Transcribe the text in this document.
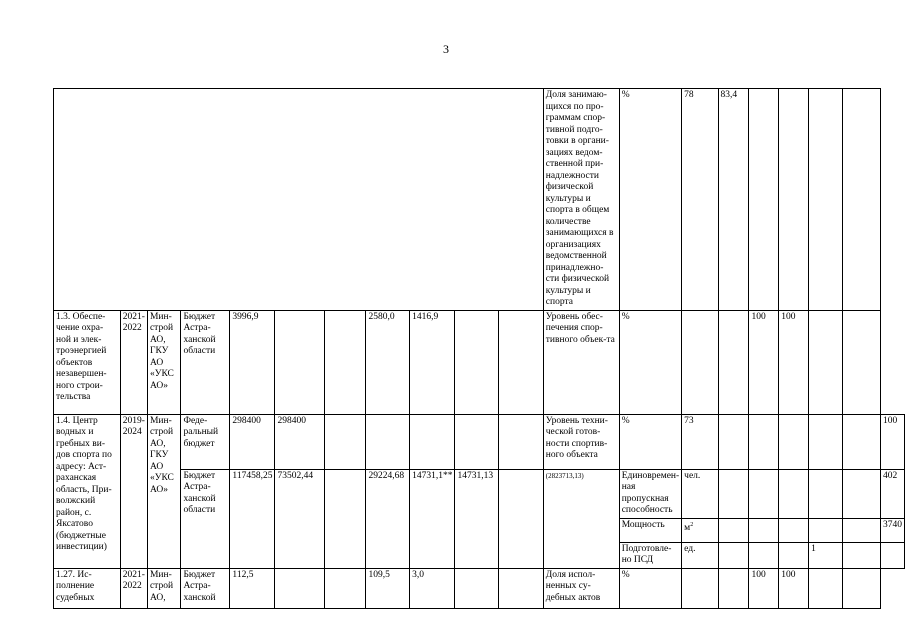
3
											Доля занимаю-щихся по про-граммам спор-тивной подго-товки в органи-зациях ведом-ственной при-надлежности физической культуры и спорта в общем количестве занимающихся в организациях ведомственной принадлежно-сти физической культуры и спорта	%	78	83,4					
1.3. Обеспе-чение охра-ной и элек-троэнергией объектов незавершен-ного строи-тельства	2021-2022	Мин-строй АО, ГКУ АО «УКС АО»	Бюджет Астра-ханской области	3996,9			2580,0	1416,9			Уровень обес-печения спор-тивного объек-та	%			100	100			
1.4. Центр водных и гребных ви-дов спорта по адресу: Аст-раханская область, При-волжский район, с. Яксатово (бюджетные инвестиции)	2019-2024	Мин-строй АО, ГКУ АО «УКС АО»	Феде-ральный бюджет	298400	298400						Уровень техни-ческой готов-ности спортив-ного объекта	%	73						100
			Бюджет Астра-ханской области	117458,25	73502,44		29224,68	14731,1**	14731,13		(2823713,13)	Единовремен-ная пропускная способность	чел.						402
												Мощность	$м^2$						3740
												Подготовле-но ПСД	ед.				1		
1.27. Ис-полнение судебных	2021-2022	Мин-строй АО,	Бюджет Астра-ханской	112,5			109,5	3,0			Доля испол-ненных су-дебных актов	%			100	100			
